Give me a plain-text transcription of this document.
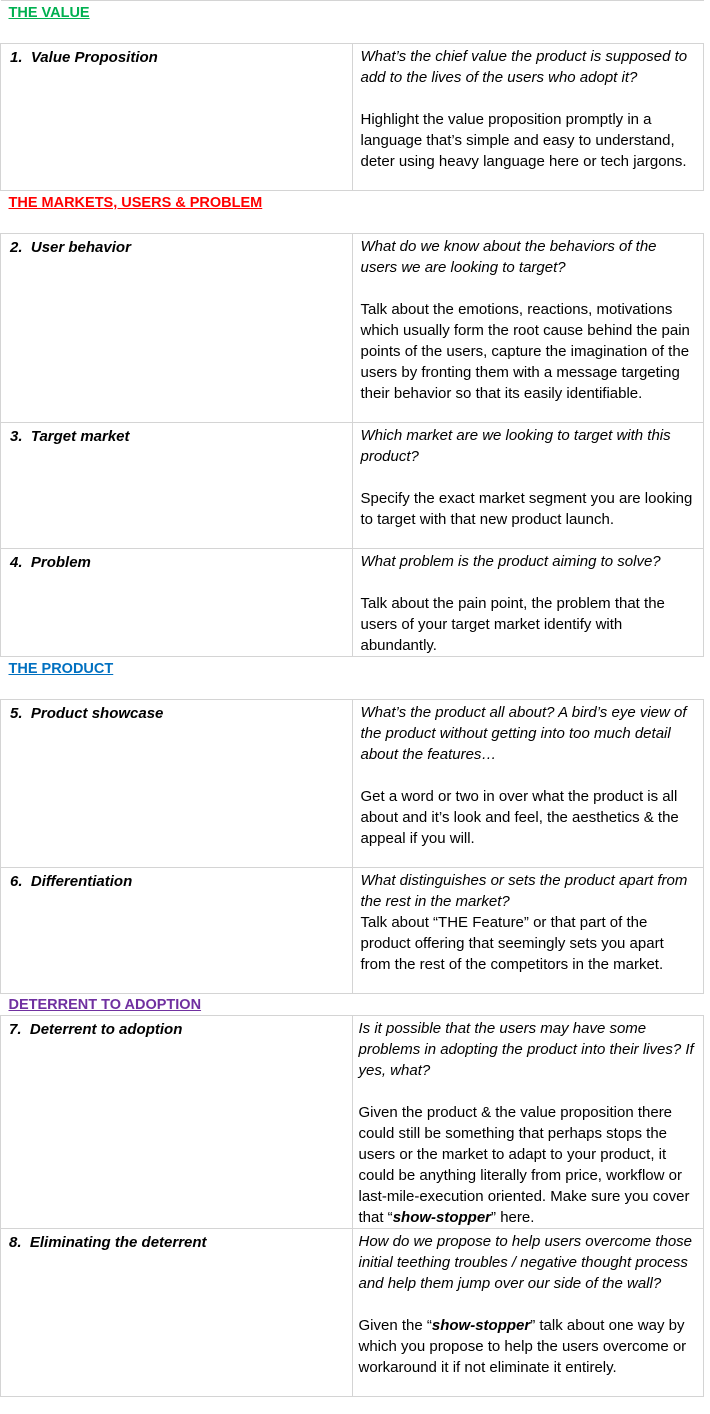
THE VALUE	

1. Value Proposition	What’s the chief value the product is supposed to add to the lives of the users who adopt it?

Highlight the value proposition promptly in a language that’s simple and easy to understand, deter using heavy language here or tech jargons.

THE MARKETS, USERS & PROBLEM	

2. User behavior	What do we know about the behaviors of the users we are looking to target?

Talk about the emotions, reactions, motivations which usually form the root cause behind the pain points of the users, capture the imagination of the users by fronting them with a message targeting their behavior so that its easily identifiable.

3. Target market	Which market are we looking to target with this product?

Specify the exact market segment you are looking to target with that new product launch.

4. Problem	What problem is the product aiming to solve?

Talk about the pain point, the problem that the users of your target market identify with abundantly.

THE PRODUCT	

5. Product showcase	What’s the product all about? A bird’s eye view of the product without getting into too much detail about the features…

Get a word or two in over what the product is all about and it’s look and feel, the aesthetics & the appeal if you will.

6. Differentiation	What distinguishes or sets the product apart from the rest in the market?

Talk about “THE Feature” or that part of the product offering that seemingly sets you apart from the rest of the competitors in the market.

DETERRENT TO ADOPTION	

7. Deterrent to adoption	Is it possible that the users may have some problems in adopting the product into their lives? If yes, what?

Given the product & the value proposition there could still be something that perhaps stops the users or the market to adapt to your product, it could be anything literally from price, workflow or last-mile-execution oriented. Make sure you cover that “show-stopper” here.

8. Eliminating the deterrent	How do we propose to help users overcome those initial teething troubles / negative thought process and help them jump over our side of the wall?

Given the “show-stopper” talk about one way by which you propose to help the users overcome or workaround it if not eliminate it entirely.
